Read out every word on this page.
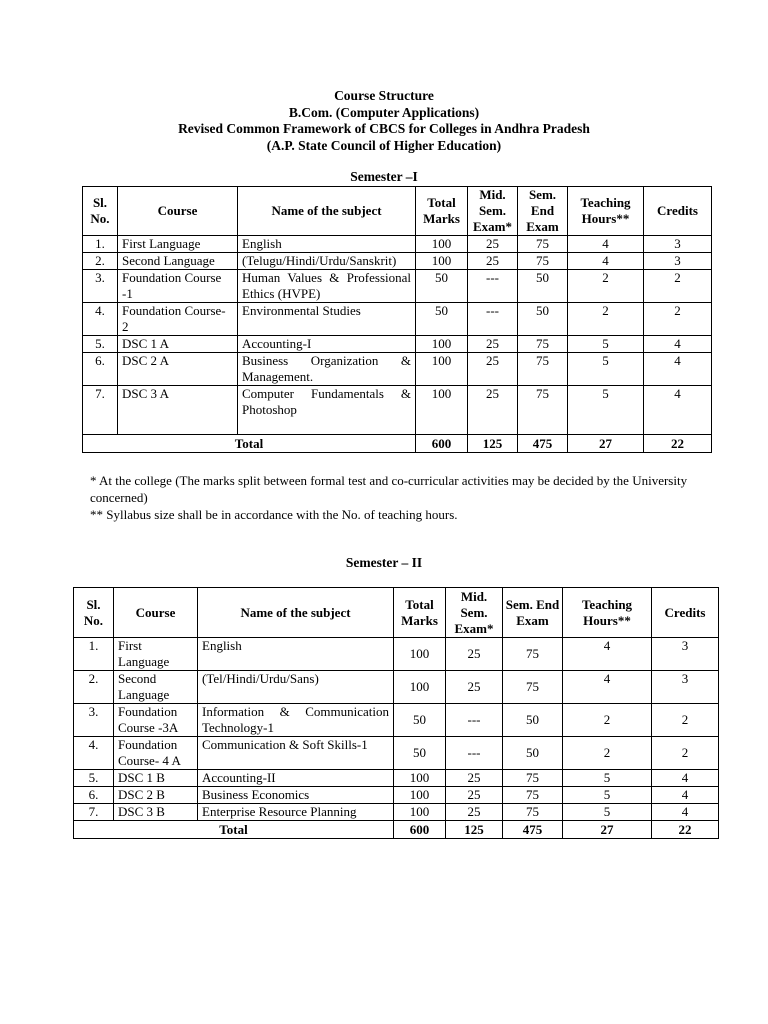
Course Structure
B.Com. (Computer Applications)
Revised Common Framework of CBCS for Colleges in Andhra Pradesh
(A.P. State Council of Higher Education)
Semester –I
Sl. No.	Course	Name of the subject	Total Marks	Mid. Sem. Exam*	Sem. End Exam	Teaching Hours**	Credits
1.	First Language	English	100	25	75	4	3
2.	Second Language	(Telugu/Hindi/Urdu/Sanskrit)	100	25	75	4	3
3.	Foundation Course -1	Human Values & Professional Ethics (HVPE)	50	---	50	2	2
4.	Foundation Course- 2	Environmental Studies	50	---	50	2	2
5.	DSC 1 A	Accounting-I	100	25	75	5	4
6.	DSC 2 A	Business Organization & Management.	100	25	75	5	4
7.	DSC 3 A	Computer Fundamentals & Photoshop	100	25	75	5	4
Total			600	125	475	27	22

* At the college (The marks split between formal test and co-curricular activities may be decided by the University concerned)

** Syllabus size shall be in accordance with the No. of teaching hours.

Semester – II
Sl. No.	Course	Name of the subject	Total Marks	Mid. Sem. Exam*	Sem. End Exam	Teaching Hours**	Credits
1.	First Language	English	100	25	75	4	3
2.	Second Language	(Tel/Hindi/Urdu/Sans)	100	25	75	4	3
3.	Foundation Course -3A	Information & Communication Technology-1	50	---	50	2	2
4.	Foundation Course- 4 A	Communication & Soft Skills-1	50	---	50	2	2
5.	DSC 1 B	Accounting-II	100	25	75	5	4
6.	DSC 2 B	Business Economics	100	25	75	5	4
7.	DSC 3 B	Enterprise Resource Planning	100	25	75	5	4
Total			600	125	475	27	22
